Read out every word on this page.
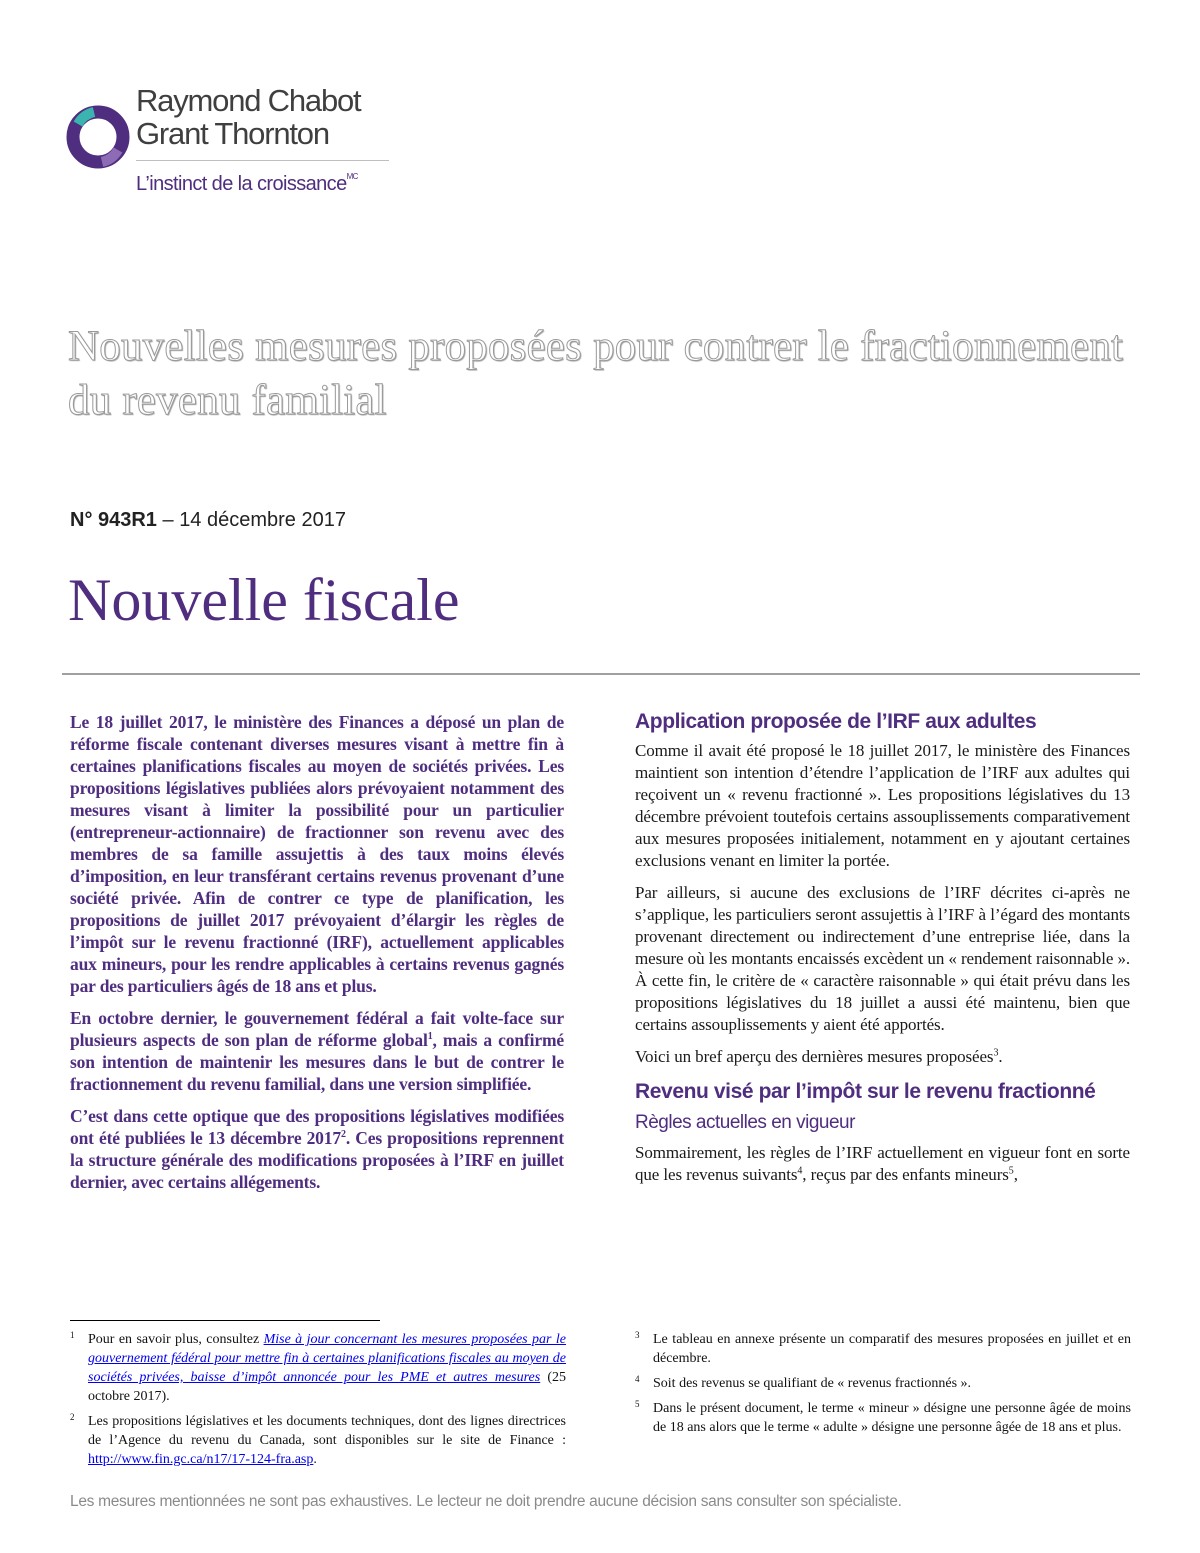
Raymond Chabot
Grant Thornton
L’instinct de la croissance$^{MC}$
Nouvelles mesures proposées pour contrer le fractionnement du revenu familial
N° 943R1 – 14 décembre 2017
Nouvelle fiscale

Le 18 juillet 2017, le ministère des Finances a déposé un plan de réforme fiscale contenant diverses mesures visant à mettre fin à certaines planifications fiscales au moyen de sociétés privées. Les propositions législatives publiées alors prévoyaient notamment des mesures visant à limiter la possibilité pour un particulier (entrepreneur-actionnaire) de fractionner son revenu avec des membres de sa famille assujettis à des taux moins élevés d’imposition, en leur transférant certains revenus provenant d’une société privée. Afin de contrer ce type de planification, les propositions de juillet 2017 prévoyaient d’élargir les règles de l’impôt sur le revenu fractionné (IRF), actuellement applicables aux mineurs, pour les rendre applicables à certains revenus gagnés par des particuliers âgés de 18 ans et plus.

En octobre dernier, le gouvernement fédéral a fait volte-face sur plusieurs aspects de son plan de réforme global$^1$, mais a confirmé son intention de maintenir les mesures dans le but de contrer le fractionnement du revenu familial, dans une version simplifiée.

C’est dans cette optique que des propositions législatives modifiées ont été publiées le 13 décembre 2017$^2$. Ces propositions reprennent la structure générale des modifications proposées à l’IRF en juillet dernier, avec certains allégements.

Application proposée de l’IRF aux adultes

Comme il avait été proposé le 18 juillet 2017, le ministère des Finances maintient son intention d’étendre l’application de l’IRF aux adultes qui reçoivent un « revenu fractionné ». Les propositions législatives du 13 décembre prévoient toutefois certains assouplissements comparativement aux mesures proposées initialement, notamment en y ajoutant certaines exclusions venant en limiter la portée.

Par ailleurs, si aucune des exclusions de l’IRF décrites ci-après ne s’applique, les particuliers seront assujettis à l’IRF à l’égard des montants provenant directement ou indirectement d’une entreprise liée, dans la mesure où les montants encaissés excèdent un « rendement raisonnable ». À cette fin, le critère de « caractère raisonnable » qui était prévu dans les propositions législatives du 18 juillet a aussi été maintenu, bien que certains assouplissements y aient été apportés.

Voici un bref aperçu des dernières mesures proposées$^3$.

Revenu visé par l’impôt sur le revenu fractionné
Règles actuelles en vigueur

Sommairement, les règles de l’IRF actuellement en vigueur font en sorte que les revenus suivants$^4$, reçus par des enfants mineurs$^5$,

1 Pour en savoir plus, consultez Mise à jour concernant les mesures proposées par le gouvernement fédéral pour mettre fin à certaines planifications fiscales au moyen de sociétés privées, baisse d’impôt annoncée pour les PME et autres mesures (25 octobre 2017).

2 Les propositions législatives et les documents techniques, dont des lignes directrices de l’Agence du revenu du Canada, sont disponibles sur le site de Finance : http://www.fin.gc.ca/n17/17-124-fra.asp.

3 Le tableau en annexe présente un comparatif des mesures proposées en juillet et en décembre.

4 Soit des revenus se qualifiant de « revenus fractionnés ».

5 Dans le présent document, le terme « mineur » désigne une personne âgée de moins de 18 ans alors que le terme « adulte » désigne une personne âgée de 18 ans et plus.

Les mesures mentionnées ne sont pas exhaustives. Le lecteur ne doit prendre aucune décision sans consulter son spécialiste.
